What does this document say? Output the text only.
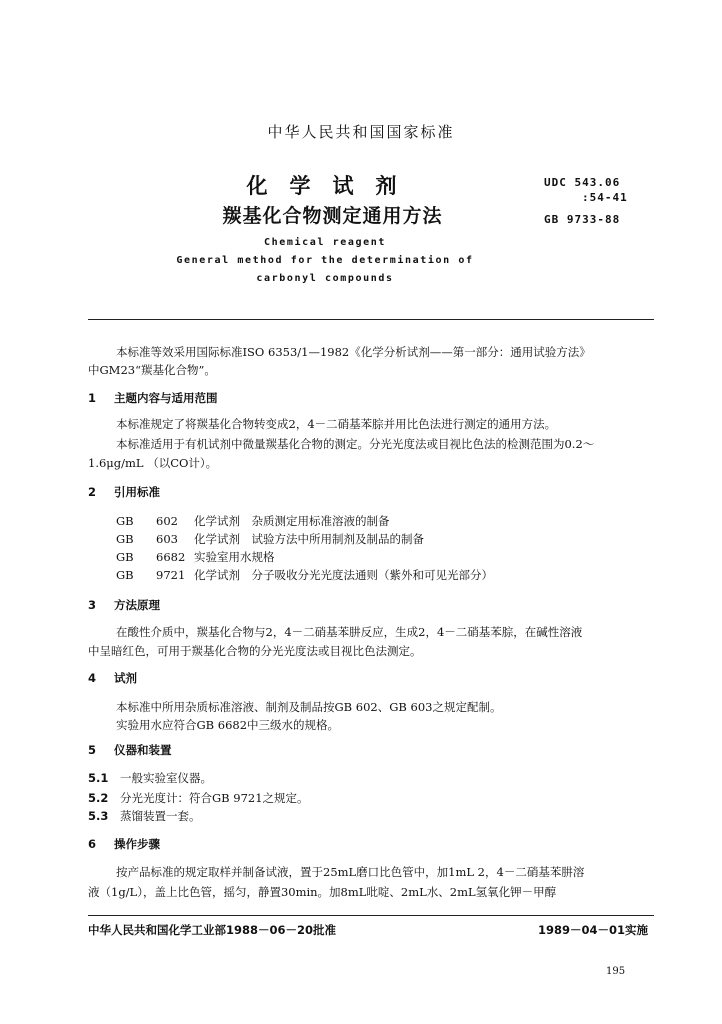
中华人民共和国国家标准
化学试剂
羰基化合物测定通用方法
UDC 543.06
:54-41
GB 9733-88
Chemical reagent
General method for the determination of
carbonyl compounds
本标准等效采用国际标准ISO 6353/1—1982《化学分析试剂——第一部分：通用试验方法》
中GM23“羰基化合物”。
1 主题内容与适用范围
本标准规定了将羰基化合物转变成2，4－二硝基苯腙并用比色法进行测定的通用方法。
本标准适用于有机试剂中微量羰基化合物的测定。分光光度法或目视比色法的检测范围为0.2～
1.6μg/mL （以CO计）。
2 引用标准
GB 602 化学试剂　杂质测定用标准溶液的制备
GB 603 化学试剂　试验方法中所用制剂及制品的制备
GB 6682 实验室用水规格
GB 9721 化学试剂　分子吸收分光光度法通则（紫外和可见光部分）
3 方法原理
在酸性介质中，羰基化合物与2，4－二硝基苯肼反应，生成2，4－二硝基苯腙，在碱性溶液
中呈暗红色，可用于羰基化合物的分光光度法或目视比色法测定。
4 试剂
本标准中所用杂质标准溶液、制剂及制品按GB 602、GB 603之规定配制。
实验用水应符合GB 6682中三级水的规格。
5 仪器和装置
5.1 一般实验室仪器。
5.2 分光光度计：符合GB 9721之规定。
5.3 蒸馏装置一套。
6 操作步骤
按产品标准的规定取样并制备试液，置于25mL磨口比色管中，加1mL 2，4－二硝基苯肼溶
液（1g/L），盖上比色管，摇匀，静置30min。加8mL吡啶、2mL水、2mL氢氧化钾－甲醇
中华人民共和国化学工业部1988－06－20批准	1989－04－01实施
195
